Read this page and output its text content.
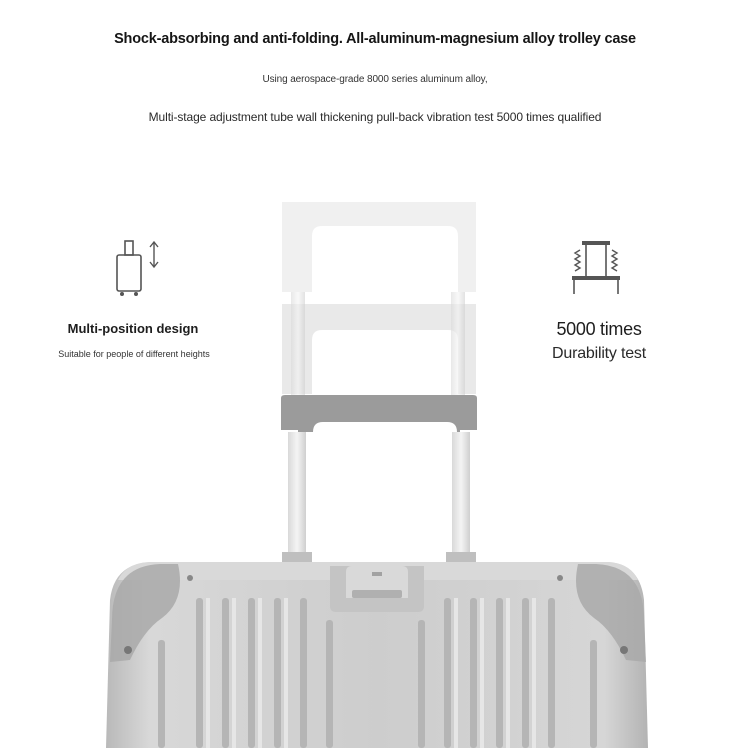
Shock-absorbing and anti-folding. All-aluminum-magnesium alloy trolley case
Using aerospace-grade 8000 series aluminum alloy,
Multi-stage adjustment tube wall thickening pull-back vibration test 5000 times qualified
Multi-position design
Suitable for people of different heights
5000 times
Durability test
